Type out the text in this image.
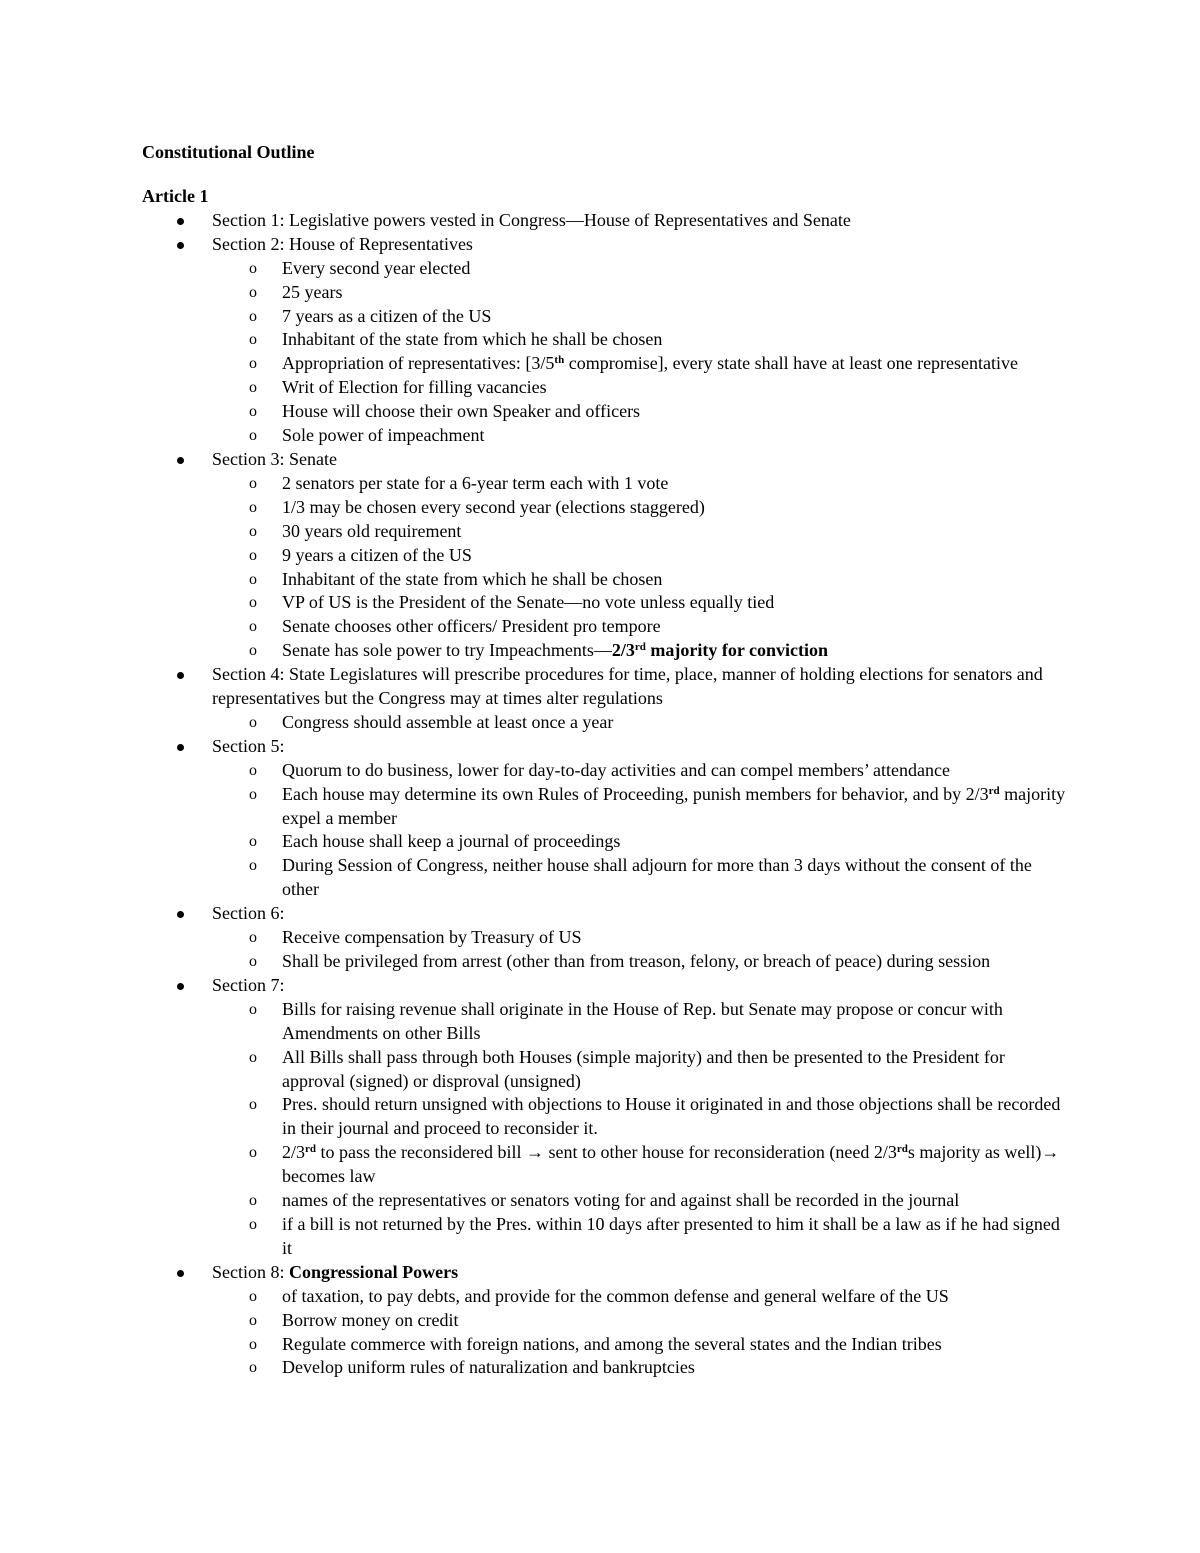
Constitutional Outline

Article 1

Section 1: Legislative powers vested in Congress—House of Representatives and Senate
Section 2: House of Representatives
o Every second year elected
o 25 years
o 7 years as a citizen of the US
o Inhabitant of the state from which he shall be chosen
o Appropriation of representatives: [3/5th compromise], every state shall have at least one representative
o Writ of Election for filling vacancies
o House will choose their own Speaker and officers
o Sole power of impeachment
Section 3: Senate
o 2 senators per state for a 6-year term each with 1 vote
o 1/3 may be chosen every second year (elections staggered)
o 30 years old requirement
o 9 years a citizen of the US
o Inhabitant of the state from which he shall be chosen
o VP of US is the President of the Senate—no vote unless equally tied
o Senate chooses other officers/ President pro tempore
o Senate has sole power to try Impeachments—2/3rd majority for conviction
Section 4: State Legislatures will prescribe procedures for time, place, manner of holding elections for senators and representatives but the Congress may at times alter regulations
o Congress should assemble at least once a year
Section 5:
o Quorum to do business, lower for day-to-day activities and can compel members’ attendance
o Each house may determine its own Rules of Proceeding, punish members for behavior, and by 2/3rd majority expel a member
o Each house shall keep a journal of proceedings
o During Session of Congress, neither house shall adjourn for more than 3 days without the consent of the other
Section 6:
o Receive compensation by Treasury of US
o Shall be privileged from arrest (other than from treason, felony, or breach of peace) during session
Section 7:
o Bills for raising revenue shall originate in the House of Rep. but Senate may propose or concur with Amendments on other Bills
o All Bills shall pass through both Houses (simple majority) and then be presented to the President for approval (signed) or disproval (unsigned)
o Pres. should return unsigned with objections to House it originated in and those objections shall be recorded in their journal and proceed to reconsider it.
o 2/3rd to pass the reconsidered bill → sent to other house for reconsideration (need 2/3rds majority as well)→ becomes law
o names of the representatives or senators voting for and against shall be recorded in the journal
o if a bill is not returned by the Pres. within 10 days after presented to him it shall be a law as if he had signed it
Section 8: Congressional Powers
o of taxation, to pay debts, and provide for the common defense and general welfare of the US
o Borrow money on credit
o Regulate commerce with foreign nations, and among the several states and the Indian tribes
o Develop uniform rules of naturalization and bankruptcies
